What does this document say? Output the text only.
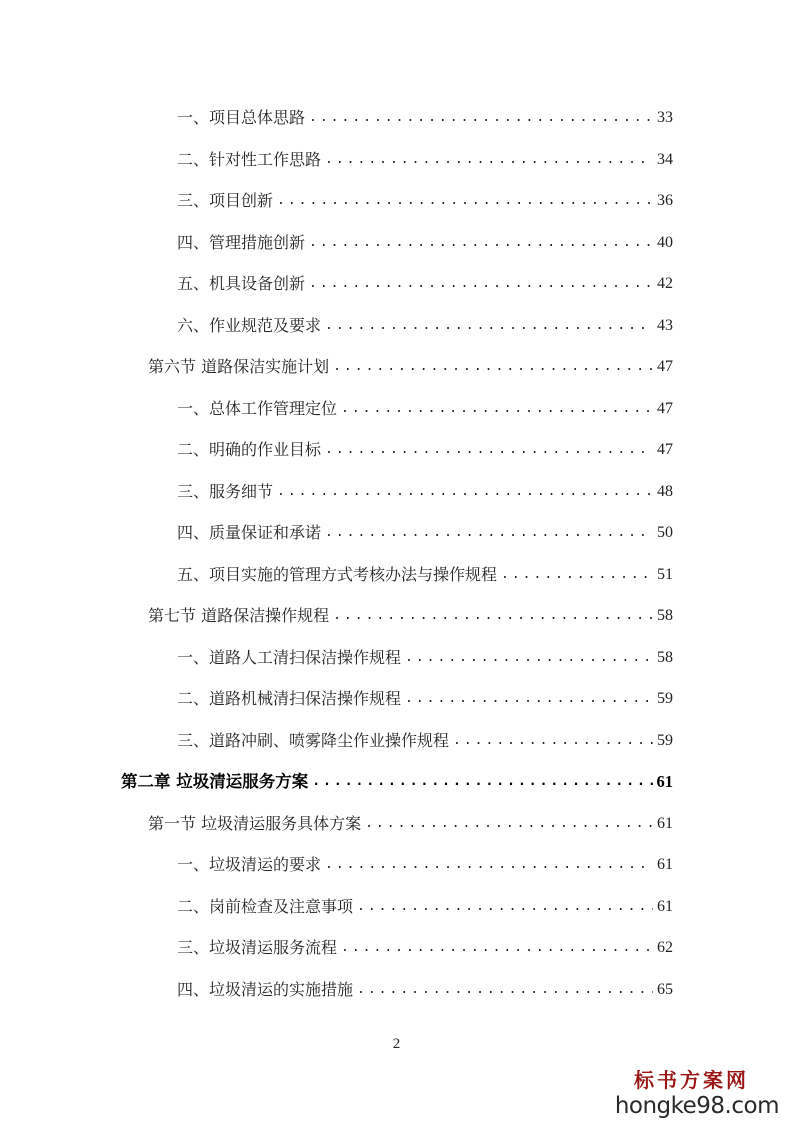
一、项目总体思路 .....	33
二、针对性工作思路 .....	34
三、项目创新 .....	36
四、管理措施创新 .....	40
五、机具设备创新 .....	42
六、作业规范及要求 .....	43
第六节 道路保洁实施计划 .....	47
一、总体工作管理定位 .....	47
二、明确的作业目标 .....	47
三、服务细节 .....	48
四、质量保证和承诺 .....	50
五、项目实施的管理方式考核办法与操作规程 .....	51
第七节 道路保洁操作规程 .....	58
一、道路人工清扫保洁操作规程 .....	58
二、道路机械清扫保洁操作规程 .....	59
三、道路冲刷、喷雾降尘作业操作规程 .....	59
第二章 垃圾清运服务方案 .....	61
第一节 垃圾清运服务具体方案 .....	61
一、垃圾清运的要求 .....	61
二、岗前检查及注意事项 .....	61
三、垃圾清运服务流程 .....	62
四、垃圾清运的实施措施 .....	65
2
标书方案网
hongke98.com
